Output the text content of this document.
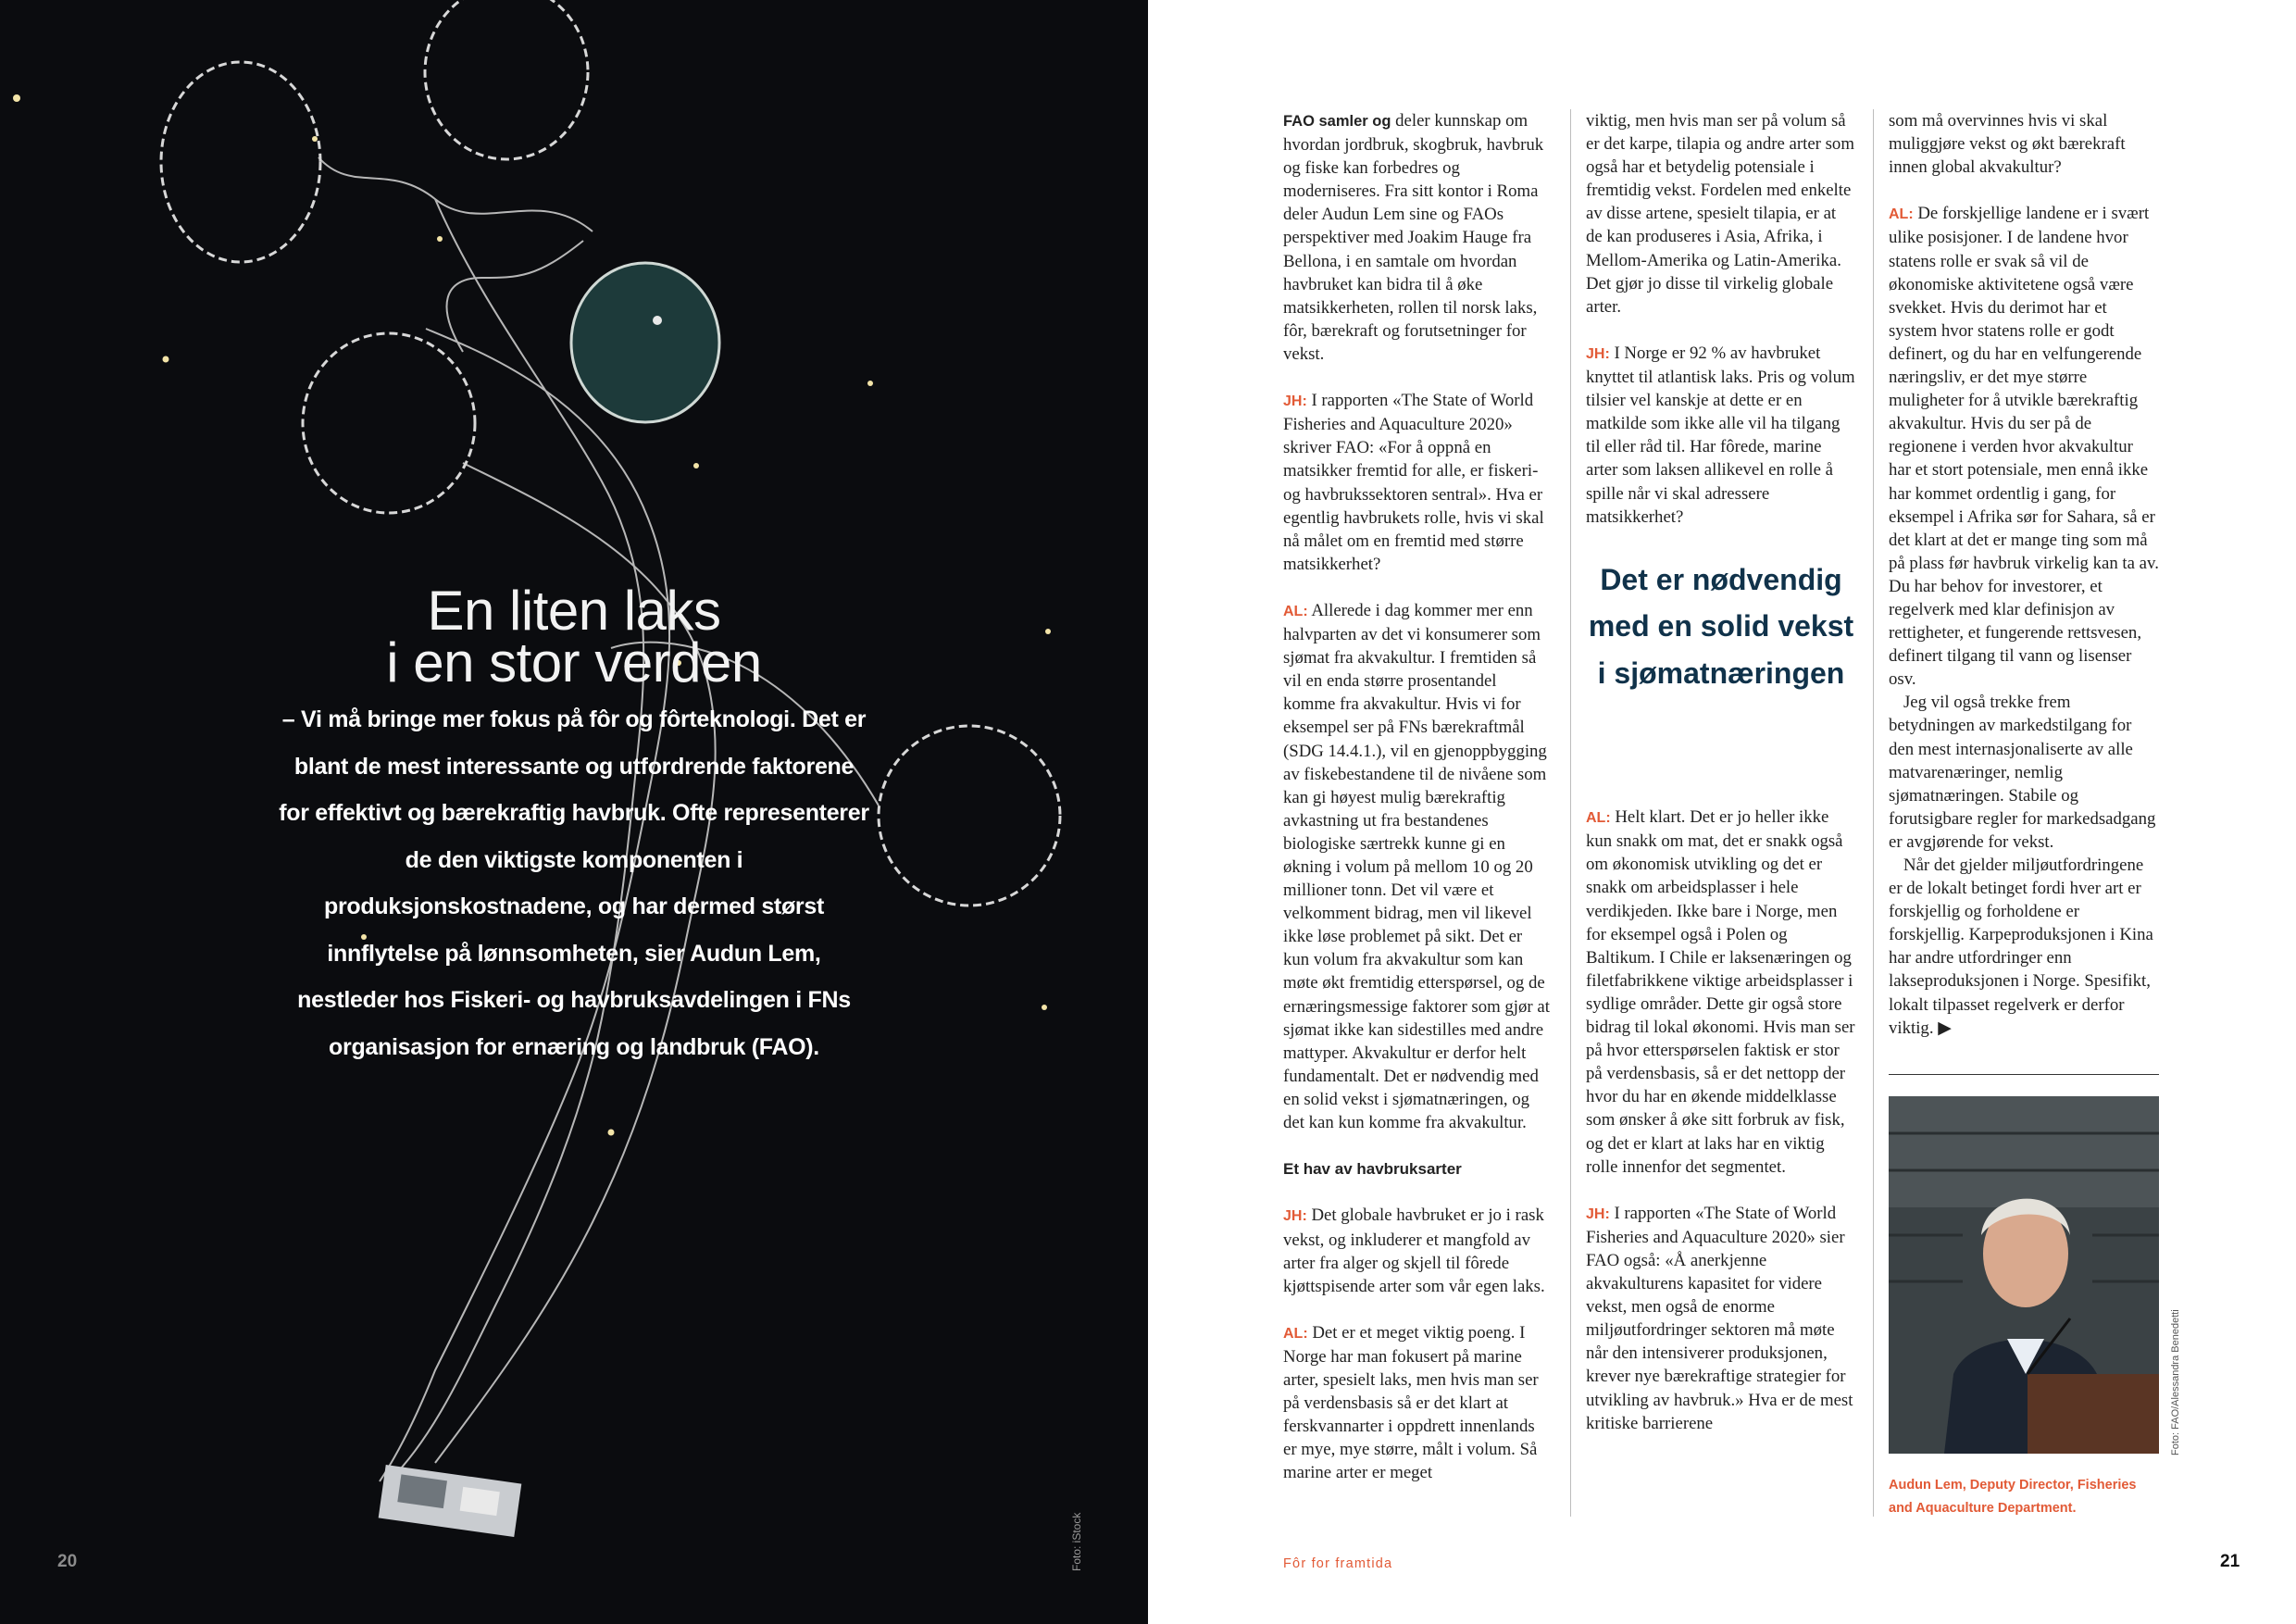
En liten laks
i en stor verden
– Vi må bringe mer fokus på fôr og fôrteknologi. Det er blant de mest interessante og utfordrende faktorene for effektivt og bærekraftig havbruk. Ofte representerer de den viktigste komponenten i produksjonskostnadene, og har dermed størst innflytelse på lønnsomheten, sier Audun Lem, nestleder hos Fiskeri- og havbruksavdelingen i FNs organisasjon for ernæring og landbruk (FAO).
20	Foto: iStock

FAO samler og deler kunnskap om hvordan jordbruk, skogbruk, havbruk og fiske kan forbedres og moderniseres. Fra sitt kontor i Roma deler Audun Lem sine og FAOs perspektiver med Joakim Hauge fra Bellona, i en samtale om hvordan havbruket kan bidra til å øke matsikkerheten, rollen til norsk laks, fôr, bærekraft og forutsetninger for vekst.

JH: I rapporten «The State of World Fisheries and Aquaculture 2020» skriver FAO: «For å oppnå en matsikker fremtid for alle, er fiskeri- og havbrukssektoren sentral». Hva er egentlig havbrukets rolle, hvis vi skal nå målet om en fremtid med større matsikkerhet?

AL: Allerede i dag kommer mer enn halvparten av det vi konsumerer som sjømat fra akvakultur. I fremtiden så vil en enda større prosentandel komme fra akvakultur. Hvis vi for eksempel ser på FNs bærekraftmål (SDG 14.4.1.), vil en gjenoppbygging av fiskebestandene til de nivåene som kan gi høyest mulig bærekraftig avkastning ut fra bestandenes biologiske særtrekk kunne gi en økning i volum på mellom 10 og 20 millioner tonn. Det vil være et velkomment bidrag, men vil likevel ikke løse problemet på sikt. Det er kun volum fra akvakultur som kan møte økt fremtidig etterspørsel, og de ernæringsmessige faktorer som gjør at sjømat ikke kan sidestilles med andre mattyper. Akvakultur er derfor helt fundamentalt. Det er nødvendig med en solid vekst i sjømatnæringen, og det kan kun komme fra akvakultur.

Et hav av havbruksarter

JH: Det globale havbruket er jo i rask vekst, og inkluderer et mangfold av arter fra alger og skjell til fôrede kjøttspisende arter som vår egen laks.

AL: Det er et meget viktig poeng. I Norge har man fokusert på marine arter, spesielt laks, men hvis man ser på verdensbasis så er det klart at ferskvannarter i oppdrett innenlands er mye, mye større, målt i volum. Så marine arter er meget

viktig, men hvis man ser på volum så er det karpe, tilapia og andre arter som også har et betydelig potensiale i fremtidig vekst. Fordelen med enkelte av disse artene, spesielt tilapia, er at de kan produseres i Asia, Afrika, i Mellom-Amerika og Latin-Amerika. Det gjør jo disse til virkelig globale arter.

JH: I Norge er 92 % av havbruket knyttet til atlantisk laks. Pris og volum tilsier vel kanskje at dette er en matkilde som ikke alle vil ha tilgang til eller råd til. Har fôrede, marine arter som laksen allikevel en rolle å spille når vi skal adressere matsikkerhet?

Det er nødvendig med en solid vekst i sjømatnæringen

AL: Helt klart. Det er jo heller ikke kun snakk om mat, det er snakk også om økonomisk utvikling og det er snakk om arbeidsplasser i hele verdikjeden. Ikke bare i Norge, men for eksempel også i Polen og Baltikum. I Chile er laksenæringen og filetfabrikkene viktige arbeidsplasser i sydlige områder. Dette gir også store bidrag til lokal økonomi. Hvis man ser på hvor etterspørselen faktisk er stor på verdensbasis, så er det nettopp der hvor du har en økende middelklasse som ønsker å øke sitt forbruk av fisk, og det er klart at laks har en viktig rolle innenfor det segmentet.

JH: I rapporten «The State of World Fisheries and Aquaculture 2020» sier FAO også: «Å anerkjenne akvakulturens kapasitet for videre vekst, men også de enorme miljøutfordringer sektoren må møte når den intensiverer produksjonen, krever nye bærekraftige strategier for utvikling av havbruk.» Hva er de mest kritiske barrierene

som må overvinnes hvis vi skal muliggjøre vekst og økt bærekraft innen global akvakultur?

AL: De forskjellige landene er i svært ulike posisjoner. I de landene hvor statens rolle er svak så vil de økonomiske aktivitetene også være svekket. Hvis du derimot har et system hvor statens rolle er godt definert, og du har en velfungerende næringsliv, er det mye større muligheter for å utvikle bærekraftig akvakultur. Hvis du ser på de regionene i verden hvor akvakultur har et stort potensiale, men ennå ikke har kommet ordentlig i gang, for eksempel i Afrika sør for Sahara, så er det klart at det er mange ting som må på plass før havbruk virkelig kan ta av. Du har behov for investorer, et regelverk med klar definisjon av rettigheter, et fungerende rettsvesen, definert tilgang til vann og lisenser osv.

Jeg vil også trekke frem betydningen av markedstilgang for den mest internasjonaliserte av alle matvarenæringer, nemlig sjømatnæringen. Stabile og forutsigbare regler for markedsadgang er avgjørende for vekst.

Når det gjelder miljøutfordringene er de lokalt betinget fordi hver art er forskjellig og forholdene er forskjellig. Karpeproduksjonen i Kina har andre utfordringer enn lakseproduksjonen i Norge. Spesifikt, lokalt tilpasset regelverk er derfor viktig. ▶

Foto: FAO/Alessandra Benedetti
Audun Lem, Deputy Director, Fisheries and Aquaculture Department.
Fôr for framtida	21
